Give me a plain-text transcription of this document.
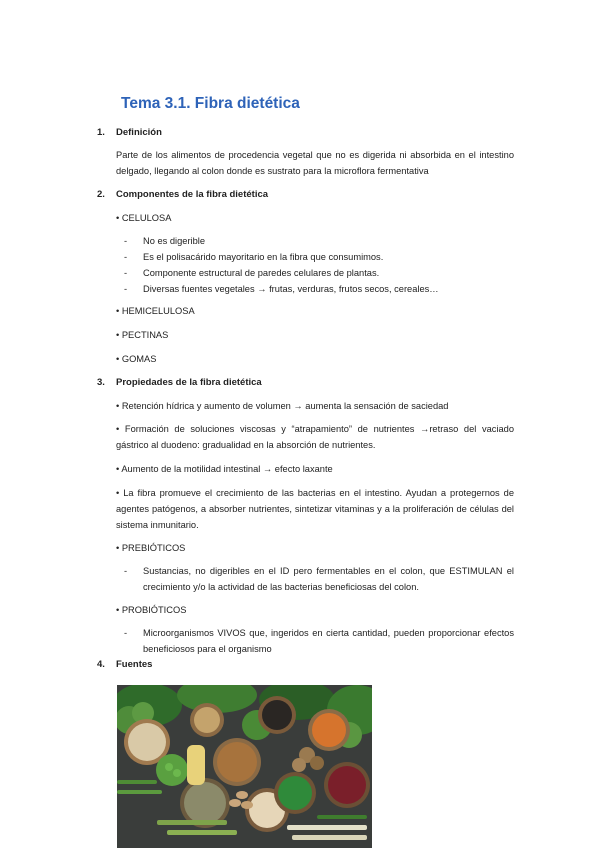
Tema 3.1. Fibra dietética
1. Definición
Parte de los alimentos de procedencia vegetal que no es digerida ni absorbida en el intestino delgado, llegando al colon donde es sustrato para la microflora fermentativa
2. Componentes de la fibra dietética
• CELULOSA
- No es digerible
- Es el polisacárido mayoritario en la fibra que consumimos.
- Componente estructural de paredes celulares de plantas.
- Diversas fuentes vegetales → frutas, verduras, frutos secos, cereales…
• HEMICELULOSA
• PECTINAS
• GOMAS
3. Propiedades de la fibra dietética
• Retención hídrica y aumento de volumen → aumenta la sensación de saciedad
• Formación de soluciones viscosas y “atrapamiento” de nutrientes →retraso del vaciado gástrico al duodeno: gradualidad en la absorción de nutrientes.
• Aumento de la motilidad intestinal → efecto laxante
• La fibra promueve el crecimiento de las bacterias en el intestino. Ayudan a protegernos de agentes patógenos, a absorber nutrientes, sintetizar vitaminas y a la proliferación de células del sistema inmunitario.
• PREBIÓTICOS
- Sustancias, no digeribles en el ID pero fermentables en el colon, que ESTIMULAN el crecimiento y/o la actividad de las bacterias beneficiosas del colon.
• PROBIÓTICOS
- Microorganismos VIVOS que, ingeridos en cierta cantidad, pueden proporcionar efectos beneficiosos para el organismo
4. Fuentes
